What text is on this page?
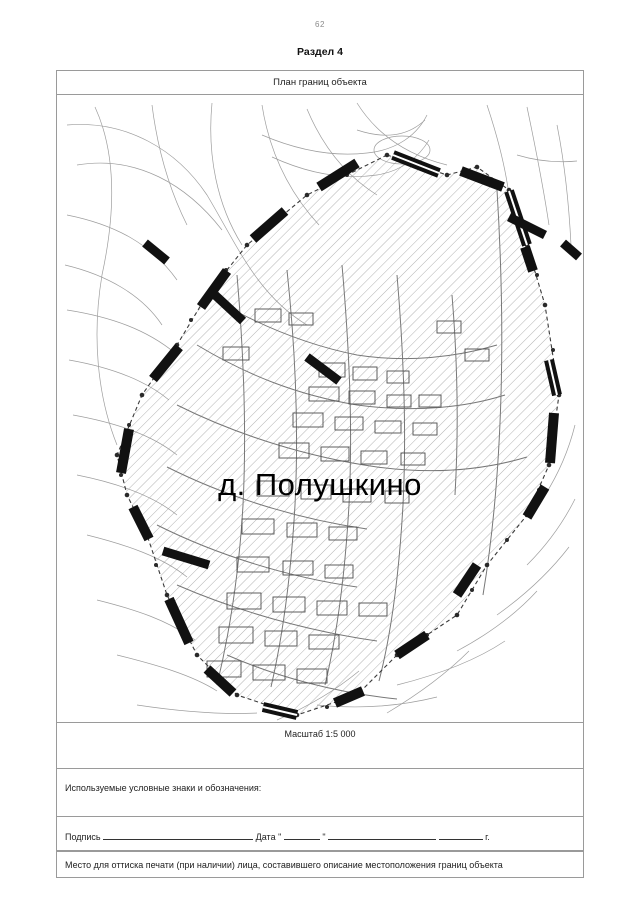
62
Раздел 4
План границ объекта
д. Полушкино
Масштаб 1:5 000
Используемые условные знаки и обозначения:
Подпись	Дата "	"	г.
Место для оттиска печати (при наличии) лица, составившего описание местоположения границ объекта
